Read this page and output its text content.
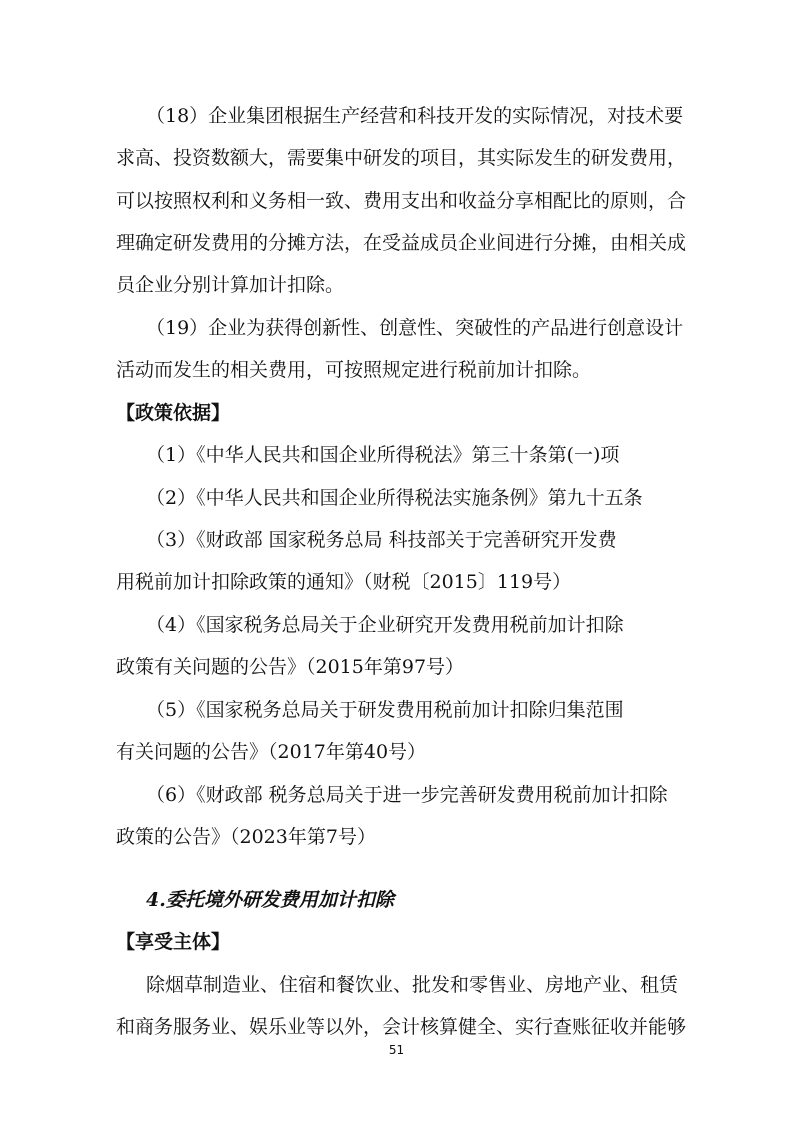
（18）企业集团根据生产经营和科技开发的实际情况，对技术要
求高、投资数额大，需要集中研发的项目，其实际发生的研发费用，
可以按照权利和义务相一致、费用支出和收益分享相配比的原则，合
理确定研发费用的分摊方法，在受益成员企业间进行分摊，由相关成
员企业分别计算加计扣除。
（19）企业为获得创新性、创意性、突破性的产品进行创意设计
活动而发生的相关费用，可按照规定进行税前加计扣除。
【政策依据】
（1）《中华人民共和国企业所得税法》第三十条第(一)项
（2）《中华人民共和国企业所得税法实施条例》第九十五条
（3）《财政部 国家税务总局 科技部关于完善研究开发费
用税前加计扣除政策的通知》（财税〔2015〕119号）
（4）《国家税务总局关于企业研究开发费用税前加计扣除
政策有关问题的公告》（2015年第97号）
（5）《国家税务总局关于研发费用税前加计扣除归集范围
有关问题的公告》（2017年第40号）
（6）《财政部 税务总局关于进一步完善研发费用税前加计扣除
政策的公告》（2023年第7号）
4.委托境外研发费用加计扣除
【享受主体】
除烟草制造业、住宿和餐饮业、批发和零售业、房地产业、租赁
和商务服务业、娱乐业等以外，会计核算健全、实行查账征收并能够
51
